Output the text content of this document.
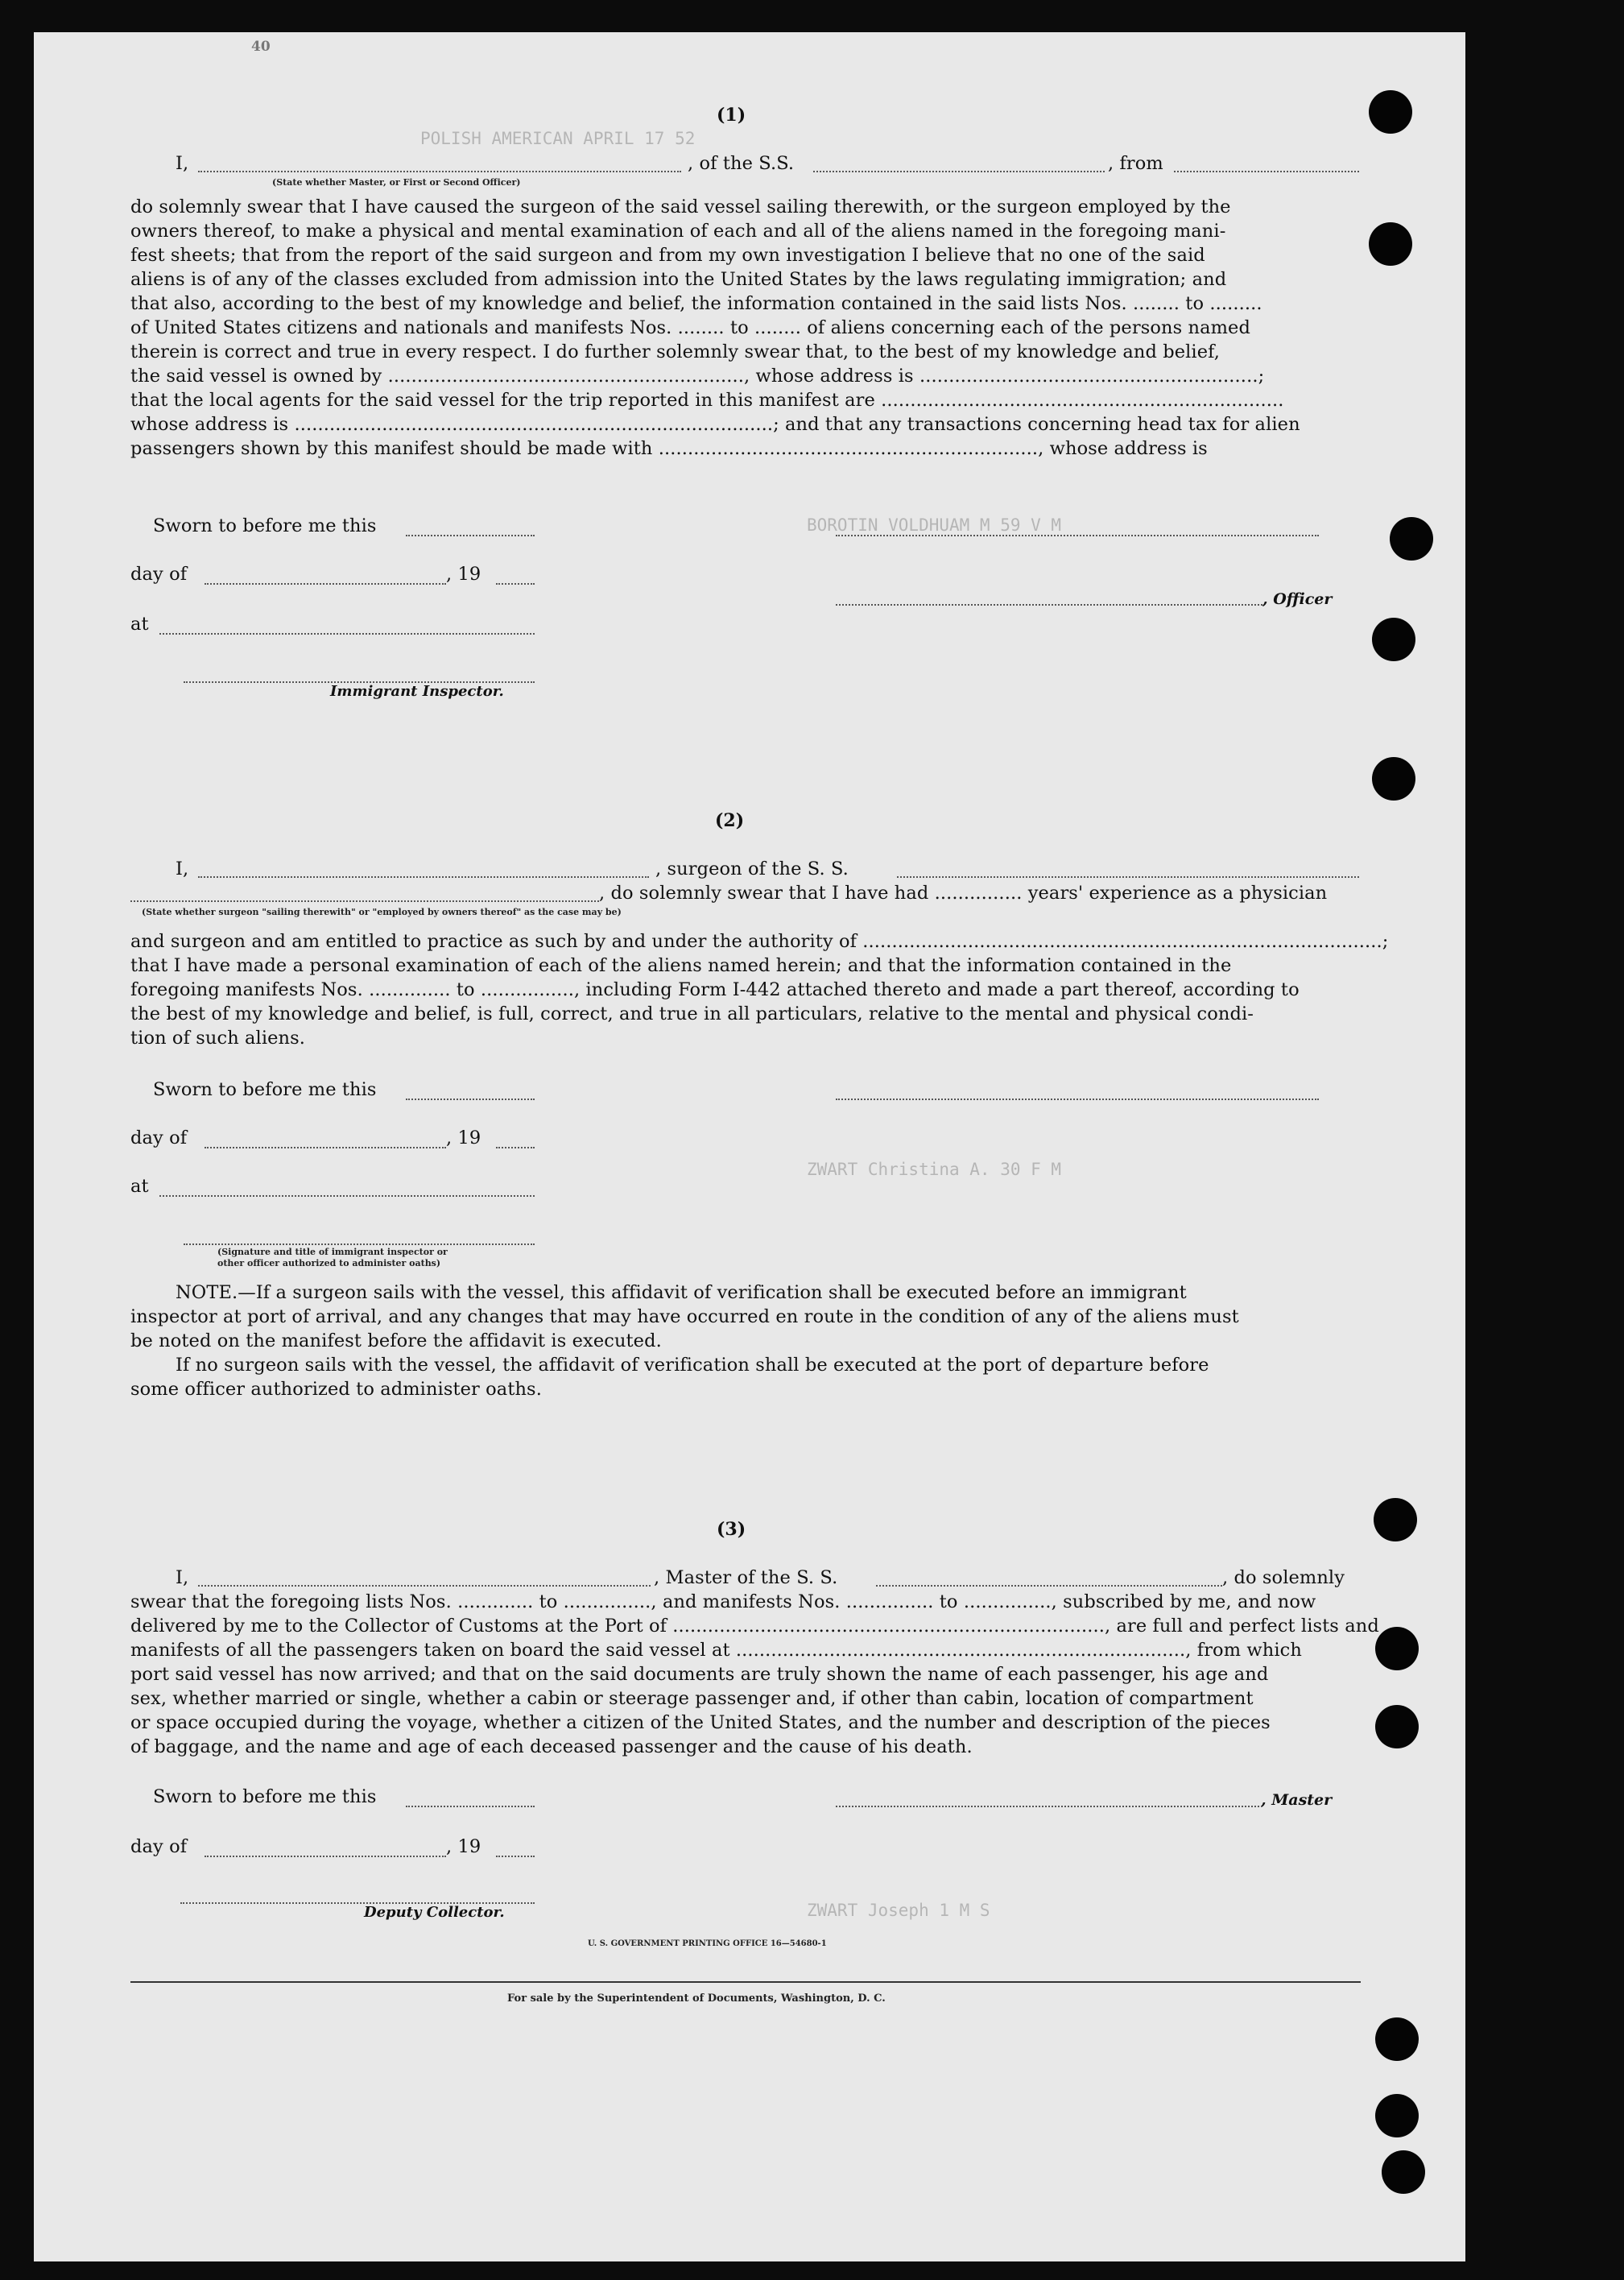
POLISH AMERICAN APRIL 17 52
BOROTIN VOLDHUAM M 59 V M
ZWART Christina A. 30 F M
ZWART Joseph 1 M S
40
(1)
I,	, of the S.S.	, from
(State whether Master, or First or Second Officer)
do solemnly swear that I have caused the surgeon of the said vessel sailing therewith, or the surgeon employed by the
owners thereof, to make a physical and mental examination of each and all of the aliens named in the foregoing mani-
fest sheets; that from the report of the said surgeon and from my own investigation I believe that no one of the said
aliens is of any of the classes excluded from admission into the United States by the laws regulating immigration; and
that also, according to the best of my knowledge and belief, the information contained in the said lists Nos. ........ to .........
of United States citizens and nationals and manifests Nos. ........ to ........ of aliens concerning each of the persons named
therein is correct and true in every respect. I do further solemnly swear that, to the best of my knowledge and belief,
the said vessel is owned by ............................................................., whose address is ..........................................................;
that the local agents for the said vessel for the trip reported in this manifest are .....................................................................
whose address is ..................................................................................; and that any transactions concerning head tax for alien
passengers shown by this manifest should be made with ................................................................., whose address is
Sworn to before me this
day of	, 19
, Officer
at
Immigrant Inspector.
(2)
I,	, surgeon of the S. S.
, do solemnly swear that I have had ............... years' experience as a physician
(State whether surgeon "sailing therewith" or "employed by owners thereof" as the case may be)
and surgeon and am entitled to practice as such by and under the authority of .........................................................................................;
that I have made a personal examination of each of the aliens named herein; and that the information contained in the
foregoing manifests Nos. .............. to ................, including Form I-442 attached thereto and made a part thereof, according to
the best of my knowledge and belief, is full, correct, and true in all particulars, relative to the mental and physical condi-
tion of such aliens.
Sworn to before me this
day of	, 19
at
(Signature and title of immigrant inspector or
other officer authorized to administer oaths)
NOTE.—If a surgeon sails with the vessel, this affidavit of verification shall be executed before an immigrant
inspector at port of arrival, and any changes that may have occurred en route in the condition of any of the aliens must
be noted on the manifest before the affidavit is executed.
If no surgeon sails with the vessel, the affidavit of verification shall be executed at the port of departure before
some officer authorized to administer oaths.
(3)
I,	, Master of the S. S.	, do solemnly
swear that the foregoing lists Nos. ............. to ..............., and manifests Nos. ............... to ..............., subscribed by me, and now
delivered by me to the Collector of Customs at the Port of .........................................................................., are full and perfect lists and
manifests of all the passengers taken on board the said vessel at ............................................................................., from which
port said vessel has now arrived; and that on the said documents are truly shown the name of each passenger, his age and
sex, whether married or single, whether a cabin or steerage passenger and, if other than cabin, location of compartment
or space occupied during the voyage, whether a citizen of the United States, and the number and description of the pieces
of baggage, and the name and age of each deceased passenger and the cause of his death.
Sworn to before me this	, Master
day of	, 19
Deputy Collector.
U. S. GOVERNMENT PRINTING OFFICE 16—54680-1
For sale by the Superintendent of Documents, Washington, D. C.
